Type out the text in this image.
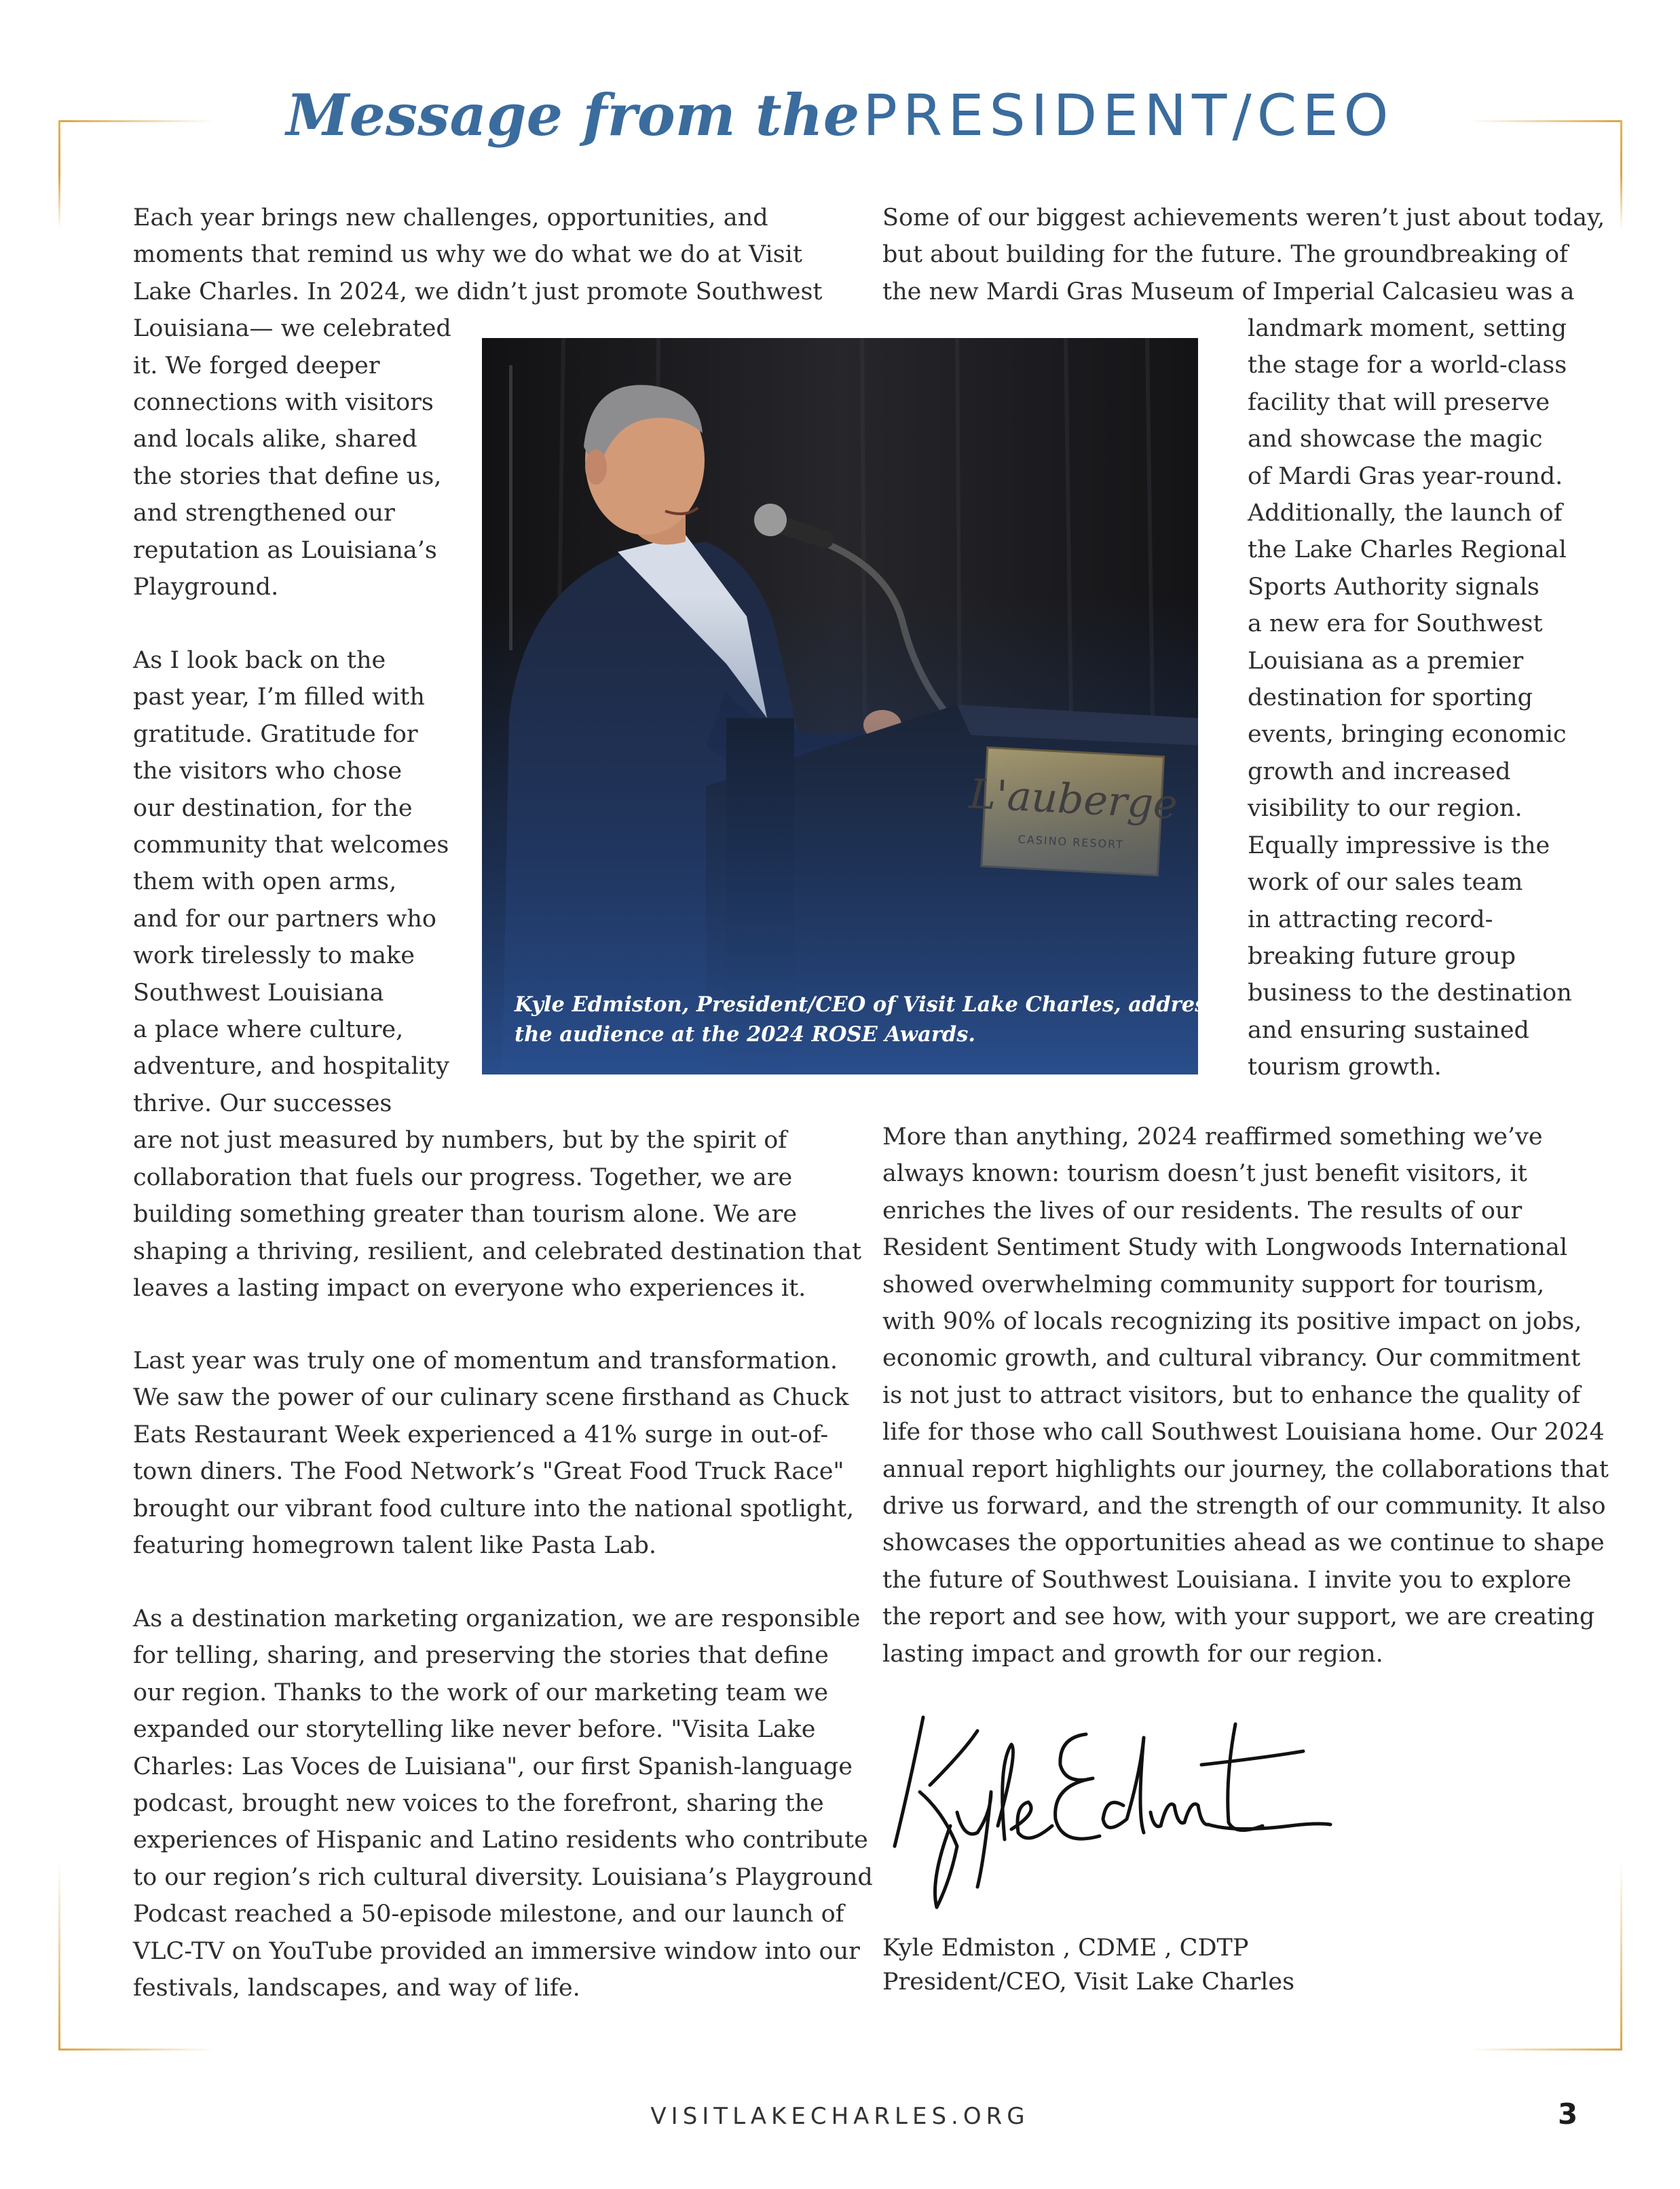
Message from the PRESIDENT/CEO
Each year brings new challenges, opportunities, and
moments that remind us why we do what we do at Visit
Lake Charles. In 2024, we didn’t just promote Southwest
Louisiana— we celebrated
it. We forged deeper
connections with visitors
and locals alike, shared
the stories that define us,
and strengthened our
reputation as Louisiana’s
Playground.
As I look back on the
past year, I’m filled with
gratitude. Gratitude for
the visitors who chose
our destination, for the
community that welcomes
them with open arms,
and for our partners who
work tirelessly to make
Southwest Louisiana
a place where culture,
adventure, and hospitality
thrive. Our successes
are not just measured by numbers, but by the spirit of
collaboration that fuels our progress. Together, we are
building something greater than tourism alone. We are
shaping a thriving, resilient, and celebrated destination that
leaves a lasting impact on everyone who experiences it.
Last year was truly one of momentum and transformation.
We saw the power of our culinary scene firsthand as Chuck
Eats Restaurant Week experienced a 41% surge in out-of-
town diners. The Food Network’s "Great Food Truck Race"
brought our vibrant food culture into the national spotlight,
featuring homegrown talent like Pasta Lab.
As a destination marketing organization, we are responsible
for telling, sharing, and preserving the stories that define
our region. Thanks to the work of our marketing team we
expanded our storytelling like never before. "Visita Lake
Charles: Las Voces de Luisiana", our first Spanish-language
podcast, brought new voices to the forefront, sharing the
experiences of Hispanic and Latino residents who contribute
to our region’s rich cultural diversity. Louisiana’s Playground
Podcast reached a 50-episode milestone, and our launch of
VLC-TV on YouTube provided an immersive window into our
festivals, landscapes, and way of life.
Some of our biggest achievements weren’t just about today,
but about building for the future. The groundbreaking of
the new Mardi Gras Museum of Imperial Calcasieu was a
landmark moment, setting
the stage for a world-class
facility that will preserve
and showcase the magic
of Mardi Gras year-round.
Additionally, the launch of
the Lake Charles Regional
Sports Authority signals
a new era for Southwest
Louisiana as a premier
destination for sporting
events, bringing economic
growth and increased
visibility to our region.
Equally impressive is the
work of our sales team
in attracting record-
breaking future group
business to the destination
and ensuring sustained
tourism growth.
More than anything, 2024 reaffirmed something we’ve
always known: tourism doesn’t just benefit visitors, it
enriches the lives of our residents. The results of our
Resident Sentiment Study with Longwoods International
showed overwhelming community support for tourism,
with 90% of locals recognizing its positive impact on jobs,
economic growth, and cultural vibrancy. Our commitment
is not just to attract visitors, but to enhance the quality of
life for those who call Southwest Louisiana home. Our 2024
annual report highlights our journey, the collaborations that
drive us forward, and the strength of our community. It also
showcases the opportunities ahead as we continue to shape
the future of Southwest Louisiana. I invite you to explore
the report and see how, with your support, we are creating
lasting impact and growth for our region.
Kyle Edmiston, President/CEO of Visit Lake Charles, addresses
the audience at the 2024 ROSE Awards.
Kyle Edmiston , CDME , CDTP
President/CEO, Visit Lake Charles
VISITLAKECHARLES.ORG	3
